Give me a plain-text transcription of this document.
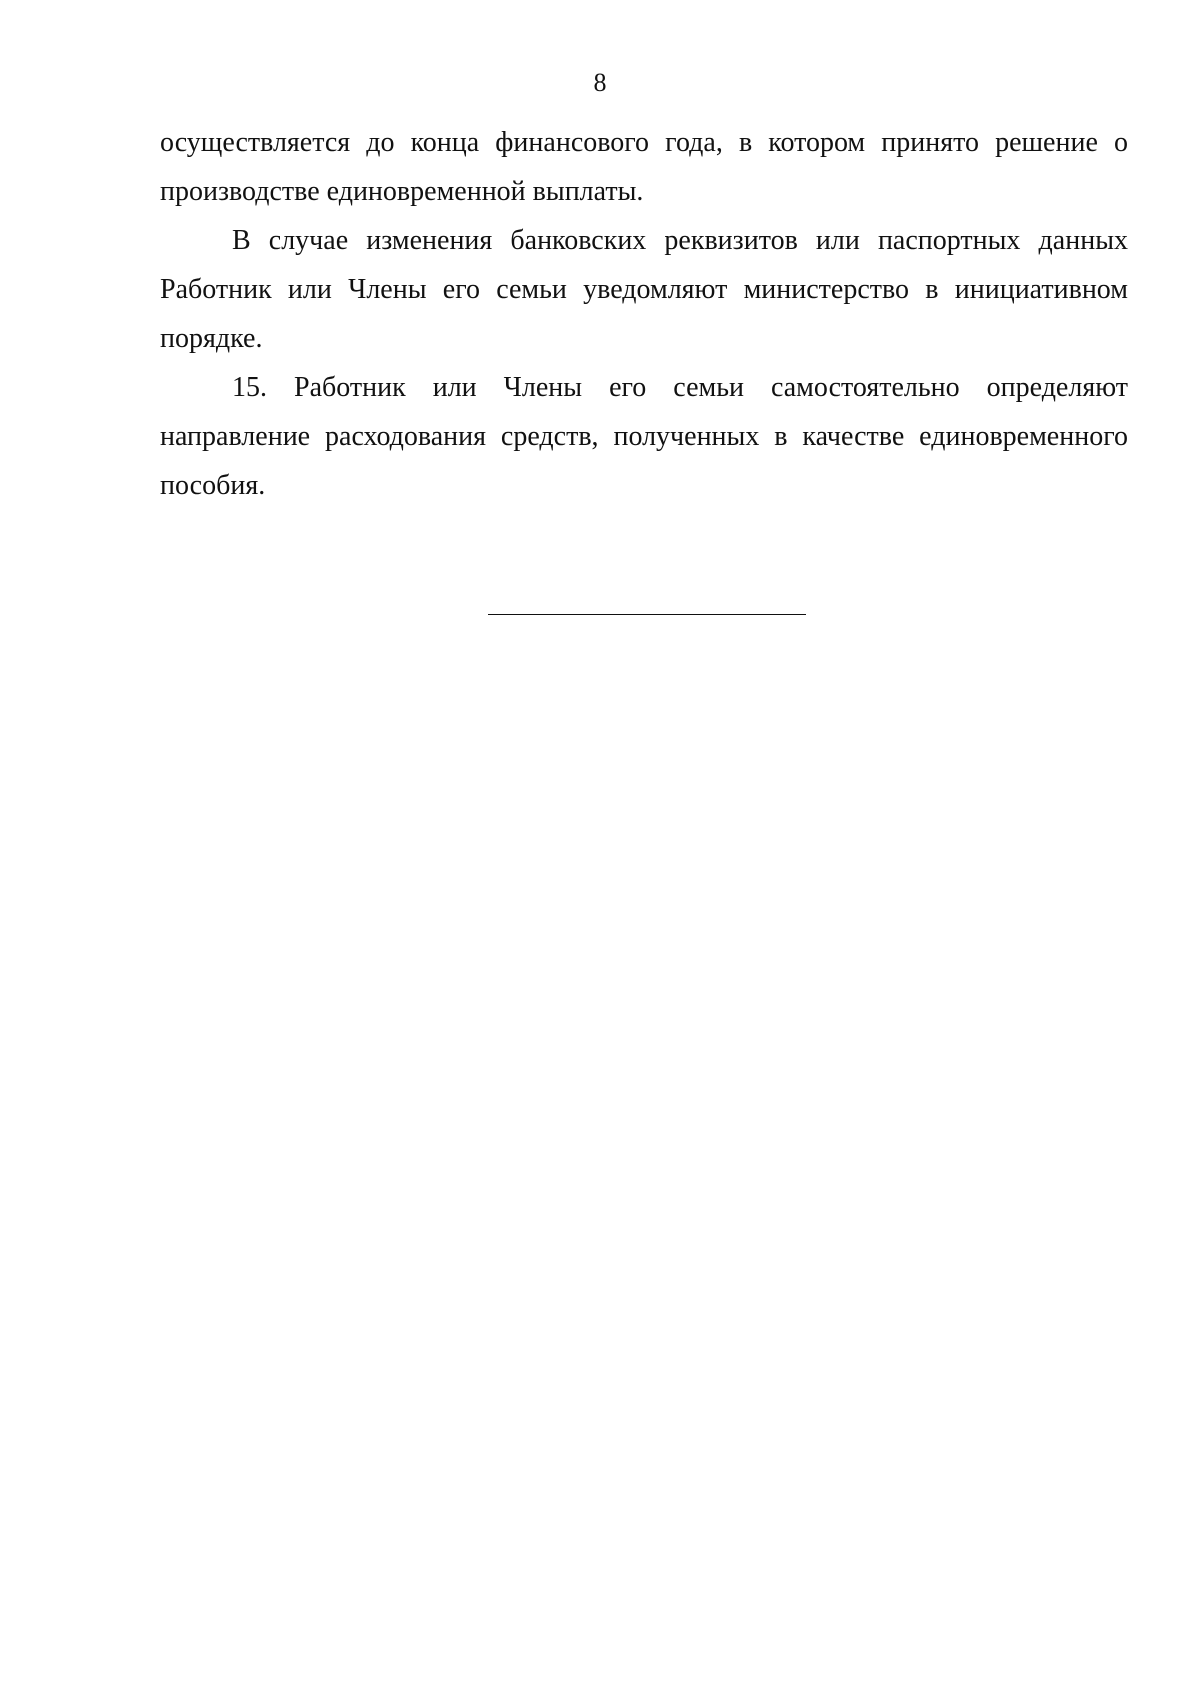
8

осуществляется до конца финансового года, в котором принято решение о производстве единовременной выплаты.

В случае изменения банковских реквизитов или паспортных данных Работник или Члены его семьи уведомляют министерство в инициативном порядке.

15. Работник или Члены его семьи самостоятельно определяют направление расходования средств, полученных в качестве единовременного пособия.
